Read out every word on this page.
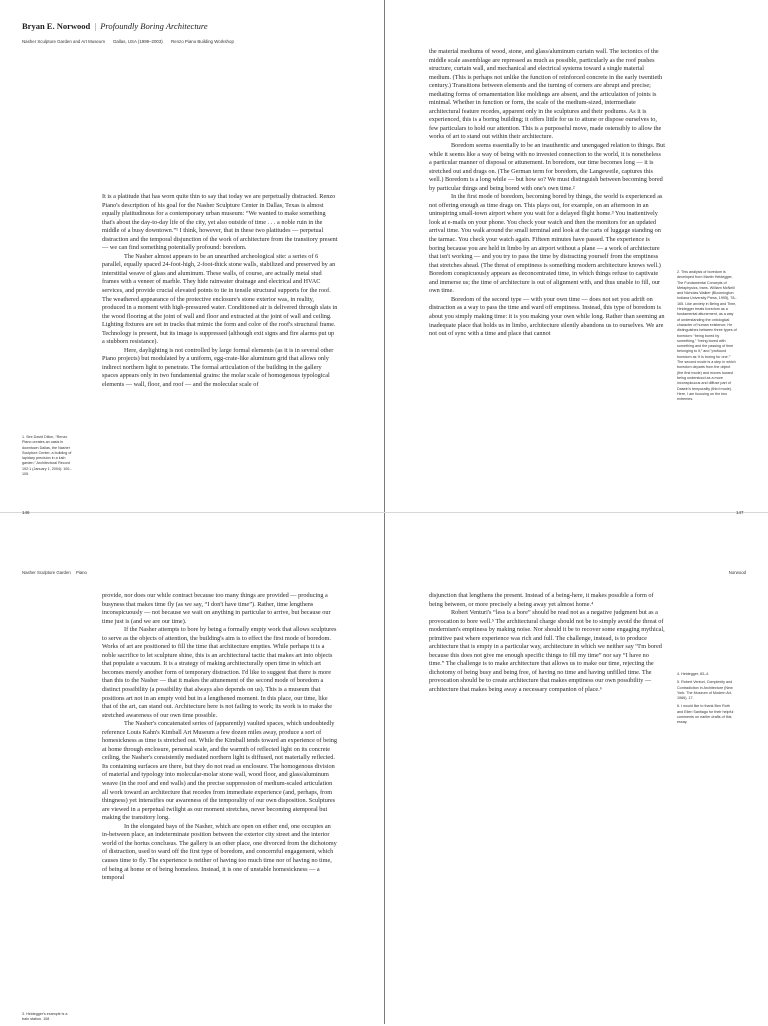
Bryan E. Norwood | Profoundly Boring Architecture
Nasher Sculpture Garden and Art Museum Dallas, USA (1999–2003) Renzo Piano Building Workshop

It is a platitude that has worn quite thin to say that today we are perpetually distracted. Renzo Piano's description of his goal for the Nasher Sculpture Center in Dallas, Texas is almost equally platitudinous for a contemporary urban museum: “We wanted to make something that's about the day-to-day life of the city, yet also outside of time . . . a noble ruin in the middle of a busy downtown.”¹ I think, however, that in these two platitudes — perpetual distraction and the temporal disjunction of the work of architecture from the transitory present — we can find something potentially profound: boredom.

The Nasher almost appears to be an unearthed archeological site: a series of 6 parallel, equally spaced 24-foot-high, 2-foot-thick stone walls, stabilized and preserved by an interstitial weave of glass and aluminum. These walls, of course, are actually metal stud frames with a veneer of marble. They hide rainwater drainage and electrical and HVAC services, and provide crucial elevated points to tie in tensile structural supports for the roof. The weathered appearance of the protective enclosure's stone exterior was, in reality, produced in a moment with high-pressured water. Conditioned air is delivered through slats in the wood flooring at the joint of wall and floor and extracted at the joint of wall and ceiling. Lighting fixtures are set in tracks that mimic the form and color of the roof's structural frame. Technology is present, but its image is suppressed (although exit signs and fire alarms put up a stubborn resistance).

Here, daylighting is not controlled by large formal elements (as it is in several other Piano projects) but modulated by a uniform, egg-crate-like aluminum grid that allows only indirect northern light to penetrate. The formal articulation of the building in the gallery spaces appears only in two fundamental grains: the molar scale of homogenous typological elements — wall, floor, and roof — and the molecular scale of

1. See David Dillon, “Renzo Piano creates an oasis in downtown Dallas, the Nasher Sculpture Center, a building of lapidary precision in a lush garden,” Architectural Record 192:1 (January 1, 2004): 100–105.

146

the material mediums of wood, stone, and glass/aluminum curtain wall. The tectonics of the middle scale assemblage are repressed as much as possible, particularly as the roof pushes structure, curtain wall, and mechanical and electrical systems toward a single material medium. (This is perhaps not unlike the function of reinforced concrete in the early twentieth century.) Transitions between elements and the turning of corners are abrupt and precise; mediating forms of ornamentation like moldings are absent, and the articulation of joints is minimal. Whether in function or form, the scale of the medium-sized, intermediate architectural feature recedes, apparent only in the sculptures and their podiums. As it is experienced, this is a boring building; it offers little for us to attune or dispose ourselves to, few particulars to hold our attention. This is a purposeful move, made ostensibly to allow the works of art to stand out within their architecture.

Boredom seems essentially to be an inauthentic and unengaged relation to things. But while it seems like a way of being with no invested connection to the world, it is nonetheless a particular manner of disposal or attunement. In boredom, our time becomes long — it is stretched out and drags on. (The German term for boredom, die Langeweile, captures this well.) Boredom is a long while — but how so? We must distinguish between becoming bored by particular things and being bored with one's own time.²

In the first mode of boredom, becoming bored by things, the world is experienced as not offering enough as time drags on. This plays out, for example, on an afternoon in an uninspiring small-town airport where you wait for a delayed flight home.³ You inattentively look at e-mails on your phone. You check your watch and then the monitors for an updated arrival time. You walk around the small terminal and look at the carts of luggage standing on the tarmac. You check your watch again. Fifteen minutes have passed. The experience is boring because you are held in limbo by an airport without a plane — a work of architecture that isn't working — and you try to pass the time by distracting yourself from the emptiness that stretches ahead. (The threat of emptiness is something modern architecture knows well.) Boredom conspicuously appears as deconcentrated time, in which things refuse to captivate and immerse us; the time of architecture is out of alignment with, and thus unable to fill, our own time.

Boredom of the second type — with your own time — does not set you adrift on distraction as a way to pass the time and ward off emptiness. Instead, this type of boredom is about you simply making time: it is you making your own while long. Rather than seeming an inadequate place that holds us in limbo, architecture silently abandons us to ourselves. We are not out of sync with a time and place that cannot

2. This analysis of boredom is developed from Martin Heidegger, The Fundamental Concepts of Metaphysics, trans. William McNeill and Nicholas Walker (Bloomington: Indiana University Press, 1995), 78–165. Like anxiety in Being and Time, Heidegger treats boredom as a fundamental attunement, as a way of understanding the ontological character of human existence. He distinguishes between three types of boredom: “being bored by something,” “being bored with something and the passing of time belonging to it,” and “profound boredom as ‘it is boring for one.’” The second mode is a step in which boredom departs from the object (the first mode) and moves toward being understood as a more inconspicuous and diffuse part of Dasein's temporality (third mode). Here, I am focusing on the two extremes.

147
Nasher Sculpture Garden Piano

provide, nor does our while contract because too many things are provided — producing a busyness that makes time fly (as we say, “I don't have time”). Rather, time lengthens inconspicuously — not because we wait on anything in particular to arrive, but because our time just is (and we are our time).

If the Nasher attempts to bore by being a formally empty work that allows sculptures to serve as the objects of attention, the building's aim is to effect the first mode of boredom. Works of art are positioned to fill the time that architecture empties. While perhaps it is a noble sacrifice to let sculpture shine, this is an architectural tactic that makes art into objects that populate a vacuum. It is a strategy of making architecturally open time in which art becomes merely another form of temporary distraction. I'd like to suggest that there is more than this to the Nasher — that it makes the attunement of the second mode of boredom a distinct possibility (a possibility that always also depends on us). This is a museum that positions art not in an empty void but in a lengthened moment. In this place, our time, like that of the art, can stand out. Architecture here is not failing to work; its work is to make the stretched awareness of our own time possible.

The Nasher's concatenated series of (apparently) vaulted spaces, which undoubtedly reference Louis Kahn's Kimball Art Museum a few dozen miles away, produce a sort of homesickness as time is stretched out. While the Kimball tends toward an experience of being at home through enclosure, personal scale, and the warmth of reflected light on its concrete ceiling, the Nasher's consistently mediated northern light is diffused, not materially reflected. Its containing surfaces are there, but they do not read as enclosure. The homogenous division of material and typology into molecular-molar stone wall, wood floor, and glass/aluminum weave (in the roof and end walls) and the precise suppression of medium-scaled articulation all work toward an architecture that recedes from immediate experience (and, perhaps, from thingness) yet intensifies our awareness of the temporality of our own disposition. Sculptures are viewed in a perpetual twilight as our moment stretches, never becoming atemporal but making the transitory long.

In the elongated bays of the Nasher, which are open on either end, one occupies an in-between place, an indeterminate position between the exterior city street and the interior world of the hortus conclusus. The gallery is an other place, one divorced from the dichotomy of distraction, used to ward off the first type of boredom, and concernful engagement, which causes time to fly. The experience is neither of having too much time nor of having no time, of being at home or of being homeless. Instead, it is one of unstable homesickness — a temporal

3. Heidegger's example is a train station. 108

Norwood

disjunction that lengthens the present. Instead of a being-here, it makes possible a form of being between, or more precisely a being away yet almost home.⁴

Robert Venturi's “less is a bore” should be read not as a negative judgment but as a provocation to bore well.⁵ The architectural charge should not be to simply avoid the threat of modernism's emptiness by making noise. Nor should it be to recover some engaging mythical, primitive past where experience was rich and full. The challenge, instead, is to produce architecture that is empty in a particular way, architecture in which we neither say “I'm bored because this does not give me enough specific things to fill my time” nor say “I have no time.” The challenge is to make architecture that allows us to make our time, rejecting the dichotomy of being busy and being free, of having no time and having unfilled time. The provocation should be to create architecture that makes emptiness our own possibility — architecture that makes being away a necessary companion of place.⁶

4. Heidegger, 83–4.

5. Robert Venturi, Complexity and Contradiction in Architecture (New York: The Museum of Modern Art, 1966), 17.

6. I would like to thank Ben Roth and Ellen Santiago for their helpful comments on earlier drafts of this essay.
